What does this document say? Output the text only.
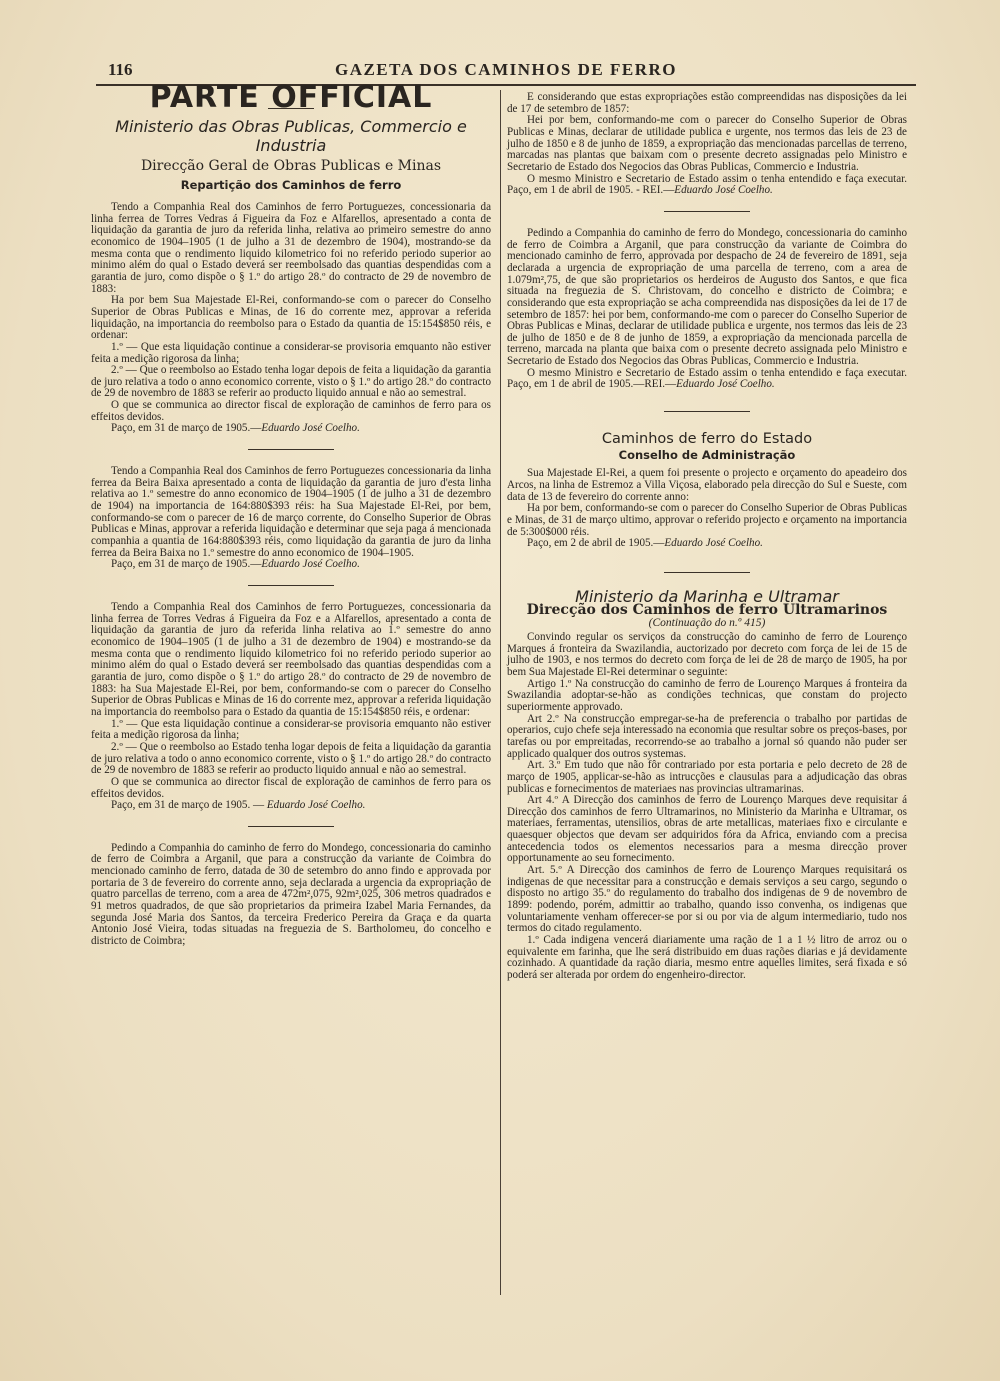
116	GAZETA DOS CAMINHOS DE FERRO
PARTE OFFICIAL
Ministerio das Obras Publicas, Commercio e Industria
Direcção Geral de Obras Publicas e Minas
Repartição dos Caminhos de ferro

Tendo a Companhia Real dos Caminhos de ferro Portuguezes, concessionaria da linha ferrea de Torres Vedras á Figueira da Foz e Alfarellos, apresentado a conta de liquidação da garantia de juro da referida linha, relativa ao primeiro semestre do anno economico de 1904–1905 (1 de julho a 31 de dezembro de 1904), mostrando-se da mesma conta que o rendimento liquido kilometrico foi no referido periodo superior ao minimo além do qual o Estado deverá ser reembolsado das quantias despendidas com a garantia de juro, como dispõe o § 1.º do artigo 28.º do contracto de 29 de novembro de 1883:

Ha por bem Sua Majestade El-Rei, conformando-se com o parecer do Conselho Superior de Obras Publicas e Minas, de 16 do corrente mez, approvar a referida liquidação, na importancia do reembolso para o Estado da quantia de 15:154$850 réis, e ordenar:

1.º — Que esta liquidação continue a considerar-se provisoria emquanto não estiver feita a medição rigorosa da linha;

2.º — Que o reembolso ao Estado tenha logar depois de feita a liquidação da garantia de juro relativa a todo o anno economico corrente, visto o § 1.º do artigo 28.º do contracto de 29 de novembro de 1883 se referir ao producto liquido annual e não ao semestral.

O que se communica ao director fiscal de exploração de caminhos de ferro para os effeitos devidos.

Paço, em 31 de março de 1905.—Eduardo José Coelho.

Tendo a Companhia Real dos Caminhos de ferro Portuguezes concessionaria da linha ferrea da Beira Baixa apresentado a conta de liquidação da garantia de juro d'esta linha relativa ao 1.º semestre do anno economico de 1904–1905 (1 de julho a 31 de dezembro de 1904) na importancia de 164:880$393 réis: ha Sua Majestade El-Rei, por bem, conformando-se com o parecer de 16 de março corrente, do Conselho Superior de Obras Publicas e Minas, approvar a referida liquidação e determinar que seja paga á mencionada companhia a quantia de 164:880$393 réis, como liquidação da garantia de juro da linha ferrea da Beira Baixa no 1.º semestre do anno economico de 1904–1905.

Paço, em 31 de março de 1905.—Eduardo José Coelho.

Tendo a Companhia Real dos Caminhos de ferro Portuguezes, concessionaria da linha ferrea de Torres Vedras á Figueira da Foz e a Alfarellos, apresentado a conta de liquidação da garantia de juro da referida linha relativa ao 1.º semestre do anno economico de 1904–1905 (1 de julho a 31 de dezembro de 1904) e mostrando-se da mesma conta que o rendimento liquido kilometrico foi no referido periodo superior ao minimo além do qual o Estado deverá ser reembolsado das quantias despendidas com a garantia de juro, como dispõe o § 1.º do artigo 28.º do contracto de 29 de novembro de 1883: ha Sua Majestade El-Rei, por bem, conformando-se com o parecer do Conselho Superior de Obras Publicas e Minas de 16 do corrente mez, approvar a referida liquidação na importancia do reembolso para o Estado da quantia de 15:154$850 réis, e ordenar:

1.º — Que esta liquidação continue a considerar-se provisoria emquanto não estiver feita a medição rigorosa da linha;

2.º — Que o reembolso ao Estado tenha logar depois de feita a liquidação da garantia de juro relativa a todo o anno economico corrente, visto o § 1.º do artigo 28.º do contracto de 29 de novembro de 1883 se referir ao producto liquido annual e não ao semestral.

O que se communica ao director fiscal de exploração de caminhos de ferro para os effeitos devidos.

Paço, em 31 de março de 1905. — Eduardo José Coelho.

Pedindo a Companhia do caminho de ferro do Mondego, concessionaria do caminho de ferro de Coimbra a Arganil, que para a construcção da variante de Coimbra do mencionado caminho de ferro, datada de 30 de setembro do anno findo e approvada por portaria de 3 de fevereiro do corrente anno, seja declarada a urgencia da expropriação de quatro parcellas de terreno, com a area de 472m²,075, 92m²,025, 306 metros quadrados e 91 metros quadrados, de que são proprietarios da primeira Izabel Maria Fernandes, da segunda José Maria dos Santos, da terceira Frederico Pereira da Graça e da quarta Antonio José Vieira, todas situadas na freguezia de S. Bartholomeu, do concelho e districto de Coimbra;

E considerando que estas expropriações estão compreendidas nas disposições da lei de 17 de setembro de 1857:

Hei por bem, conformando-me com o parecer do Conselho Superior de Obras Publicas e Minas, declarar de utilidade publica e urgente, nos termos das leis de 23 de julho de 1850 e 8 de junho de 1859, a expropriação das mencionadas parcellas de terreno, marcadas nas plantas que baixam com o presente decreto assignadas pelo Ministro e Secretario de Estado dos Negocios das Obras Publicas, Commercio e Industria.

O mesmo Ministro e Secretario de Estado assim o tenha entendido e faça executar. Paço, em 1 de abril de 1905. - REI.—Eduardo José Coelho.

Pedindo a Companhia do caminho de ferro do Mondego, concessionaria do caminho de ferro de Coimbra a Arganil, que para construcção da variante de Coimbra do mencionado caminho de ferro, approvada por despacho de 24 de fevereiro de 1891, seja declarada a urgencia de expropriação de uma parcella de terreno, com a area de 1.079m²,75, de que são proprietarios os herdeiros de Augusto dos Santos, e que fica situada na freguezia de S. Christovam, do concelho e districto de Coimbra; e considerando que esta expropriação se acha compreendida nas disposições da lei de 17 de setembro de 1857: hei por bem, conformando-me com o parecer do Conselho Superior de Obras Publicas e Minas, declarar de utilidade publica e urgente, nos termos das leis de 23 de julho de 1850 e de 8 de junho de 1859, a expropriação da mencionada parcella de terreno, marcada na planta que baixa com o presente decreto assignada pelo Ministro e Secretario de Estado dos Negocios das Obras Publicas, Commercio e Industria.

O mesmo Ministro e Secretario de Estado assim o tenha entendido e faça executar. Paço, em 1 de abril de 1905.—REI.—Eduardo José Coelho.

Caminhos de ferro do Estado
Conselho de Administração

Sua Majestade El-Rei, a quem foi presente o projecto e orçamento do apeadeiro dos Arcos, na linha de Estremoz a Villa Viçosa, elaborado pela direcção do Sul e Sueste, com data de 13 de fevereiro do corrente anno:

Ha por bem, conformando-se com o parecer do Conselho Superior de Obras Publicas e Minas, de 31 de março ultimo, approvar o referido projecto e orçamento na importancia de 5:300$000 réis.

Paço, em 2 de abril de 1905.—Eduardo José Coelho.

Ministerio da Marinha e Ultramar
Direcção dos Caminhos de ferro Ultramarinos
(Continuação do n.º 415)

Convindo regular os serviços da construcção do caminho de ferro de Lourenço Marques á fronteira da Swazilandia, auctorizado por decreto com força de lei de 15 de julho de 1903, e nos termos do decreto com força de lei de 28 de março de 1905, ha por bem Sua Majestade El-Rei determinar o seguinte:

Artigo 1.º Na construcção do caminho de ferro de Lourenço Marques á fronteira da Swazilandia adoptar-se-hão as condições technicas, que constam do projecto superiormente approvado.

Art 2.º Na construcção empregar-se-ha de preferencia o trabalho por partidas de operarios, cujo chefe seja interessado na economia que resultar sobre os preços-bases, por tarefas ou por empreitadas, recorrendo-se ao trabalho a jornal só quando não puder ser applicado qualquer dos outros systemas.

Art. 3.º Em tudo que não fôr contrariado por esta portaria e pelo decreto de 28 de março de 1905, applicar-se-hão as intrucções e clausulas para a adjudicação das obras publicas e fornecimentos de materiaes nas provincias ultramarinas.

Art 4.º A Direcção dos caminhos de ferro de Lourenço Marques deve requisitar á Direcção dos caminhos de ferro Ultramarinos, no Ministerio da Marinha e Ultramar, os materiaes, ferramentas, utensilios, obras de arte metallicas, materiaes fixo e circulante e quaesquer objectos que devam ser adquiridos fóra da Africa, enviando com a precisa antecedencia todos os elementos necessarios para a mesma direcção prover opportunamente ao seu fornecimento.

Art. 5.º A Direcção dos caminhos de ferro de Lourenço Marques requisitará os indigenas de que necessitar para a construcção e demais serviços a seu cargo, segundo o disposto no artigo 35.º do regulamento do trabalho dos indigenas de 9 de novembro de 1899: podendo, porém, admittir ao trabalho, quando isso convenha, os indigenas que voluntariamente venham offerecer-se por si ou por via de algum intermediario, tudo nos termos do citado regulamento.

1.º Cada indigena vencerá diariamente uma ração de 1 a 1 ½ litro de arroz ou o equivalente em farinha, que lhe será distribuido em duas rações diarias e já devidamente cozinhado. A quantidade da ração diaria, mesmo entre aquelles limites, será fixada e só poderá ser alterada por ordem do engenheiro-director.
